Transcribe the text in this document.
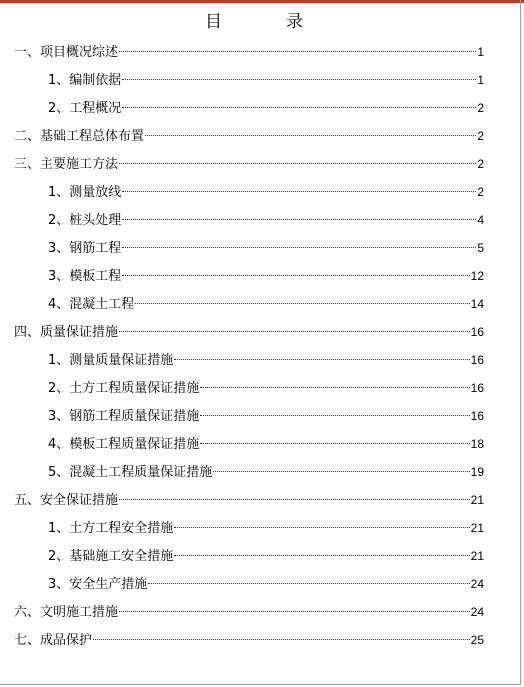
目	录
一、项目概况综述	1
1、编制依据	1
2、工程概况	2
二、基础工程总体布置	2
三、主要施工方法	2
1、测量放线	2
2、桩头处理	4
3、钢筋工程	5
3、模板工程	12
4、混凝土工程	14
四、质量保证措施	16
1、测量质量保证措施	16
2、土方工程质量保证措施	16
3、钢筋工程质量保证措施	16
4、模板工程质量保证措施	18
5、混凝土工程质量保证措施	19
五、安全保证措施	21
1、土方工程安全措施	21
2、基础施工安全措施	21
3、安全生产措施	24
六、文明施工措施	24
七、成品保护	25
